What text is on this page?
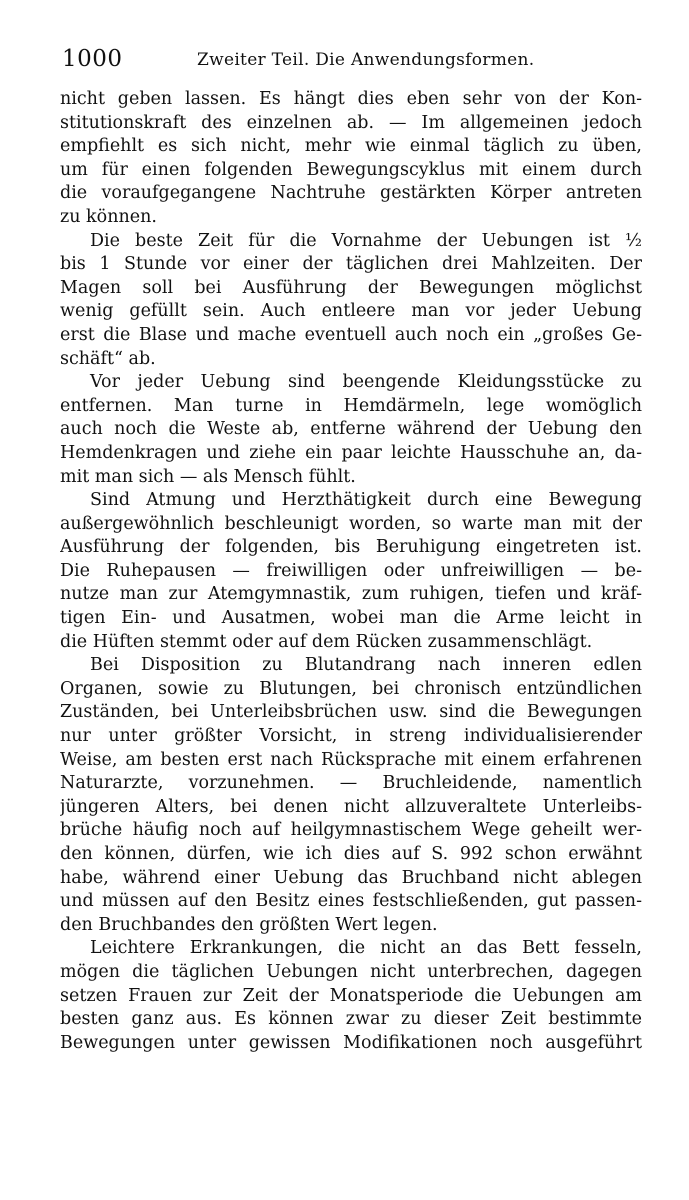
1000	Zweiter Teil. Die Anwendungsformen.
nicht geben lassen. Es hängt dies eben sehr von der Kon-
stitutionskraft des einzelnen ab. — Im allgemeinen jedoch
empfiehlt es sich nicht, mehr wie einmal täglich zu üben,
um für einen folgenden Bewegungscyklus mit einem durch
die voraufgegangene Nachtruhe gestärkten Körper antreten
zu können.
Die beste Zeit für die Vornahme der Uebungen ist ½
bis 1 Stunde vor einer der täglichen drei Mahlzeiten. Der
Magen soll bei Ausführung der Bewegungen möglichst
wenig gefüllt sein. Auch entleere man vor jeder Uebung
erst die Blase und mache eventuell auch noch ein „großes Ge-
schäft“ ab.
Vor jeder Uebung sind beengende Kleidungsstücke zu
entfernen. Man turne in Hemdärmeln, lege womöglich
auch noch die Weste ab, entferne während der Uebung den
Hemdenkragen und ziehe ein paar leichte Hausschuhe an, da-
mit man sich — als Mensch fühlt.
Sind Atmung und Herzthätigkeit durch eine Bewegung
außergewöhnlich beschleunigt worden, so warte man mit der
Ausführung der folgenden, bis Beruhigung eingetreten ist.
Die Ruhepausen — freiwilligen oder unfreiwilligen — be-
nutze man zur Atemgymnastik, zum ruhigen, tiefen und kräf-
tigen Ein- und Ausatmen, wobei man die Arme leicht in
die Hüften stemmt oder auf dem Rücken zusammenschlägt.
Bei Disposition zu Blutandrang nach inneren edlen
Organen, sowie zu Blutungen, bei chronisch entzündlichen
Zuständen, bei Unterleibsbrüchen usw. sind die Bewegungen
nur unter größter Vorsicht, in streng individualisierender
Weise, am besten erst nach Rücksprache mit einem erfahrenen
Naturarzte, vorzunehmen. — Bruchleidende, namentlich
jüngeren Alters, bei denen nicht allzuveraltete Unterleibs-
brüche häufig noch auf heilgymnastischem Wege geheilt wer-
den können, dürfen, wie ich dies auf S. 992 schon erwähnt
habe, während einer Uebung das Bruchband nicht ablegen
und müssen auf den Besitz eines festschließenden, gut passen-
den Bruchbandes den größten Wert legen.
Leichtere Erkrankungen, die nicht an das Bett fesseln,
mögen die täglichen Uebungen nicht unterbrechen, dagegen
setzen Frauen zur Zeit der Monatsperiode die Uebungen am
besten ganz aus. Es können zwar zu dieser Zeit bestimmte
Bewegungen unter gewissen Modifikationen noch ausgeführt
